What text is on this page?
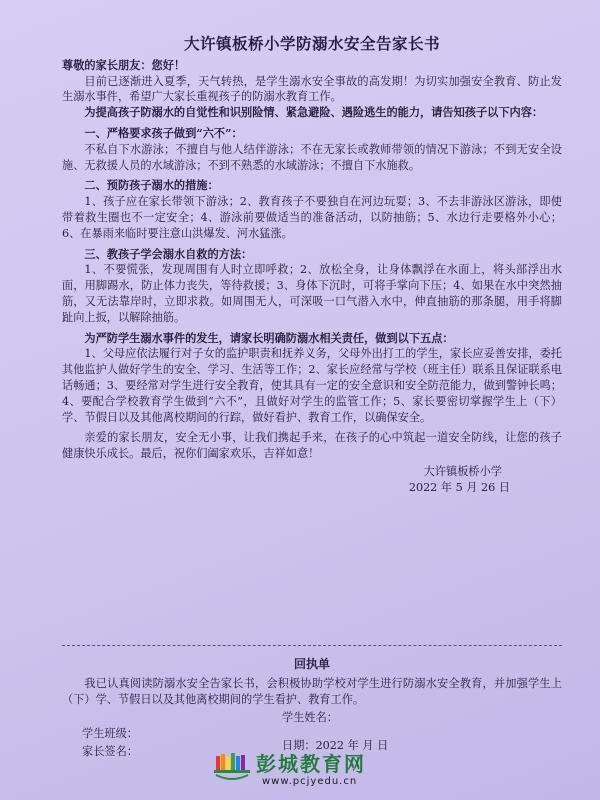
大许镇板桥小学防溺水安全告家长书

尊敬的家长朋友：您好！

目前已逐渐进入夏季，天气转热，是学生溺水安全事故的高发期！为切实加强安全教育、防止发生溺水事件，希望广大家长重视孩子的防溺水教育工作。

为提高孩子防溺水的自觉性和识别险情、紧急避险、遇险逃生的能力，请告知孩子以下内容：

一、严格要求孩子做到“六不”：

不私自下水游泳；不擅自与他人结伴游泳；不在无家长或教师带领的情况下游泳；不到无安全设施、无救援人员的水域游泳；不到不熟悉的水域游泳；不擅自下水施救。

二、预防孩子溺水的措施：

1、孩子应在家长带领下游泳；2、教育孩子不要独自在河边玩耍；3、不去非游泳区游泳，即使带着救生圈也不一定安全；4、游泳前要做适当的准备活动，以防抽筋；5、水边行走要格外小心；6、在暴雨来临时要注意山洪爆发、河水猛涨。

三、教孩子学会溺水自救的方法：

1、不要慌张，发现周围有人时立即呼救；2、放松全身，让身体飘浮在水面上，将头部浮出水面，用脚踢水，防止体力丧失，等待救援；3、身体下沉时，可将手掌向下压；4、如果在水中突然抽筋，又无法靠岸时，立即求救。如周围无人，可深吸一口气潜入水中，伸直抽筋的那条腿，用手将脚趾向上扳，以解除抽筋。

为严防学生溺水事件的发生，请家长明确防溺水相关责任，做到以下五点：

1、父母应依法履行对子女的监护职责和抚养义务，父母外出打工的学生，家长应妥善安排，委托其他监护人做好学生的安全、学习、生活等工作；2、家长应经常与学校（班主任）联系且保证联系电话畅通；3、要经常对学生进行安全教育，使其具有一定的安全意识和安全防范能力，做到警钟长鸣；4、要配合学校教育学生做到“六不”，且做好对学生的监管工作；5、家长要密切掌握学生上（下）学、节假日以及其他离校期间的行踪，做好看护、教育工作，以确保安全。

亲爱的家长朋友，安全无小事，让我们携起手来，在孩子的心中筑起一道安全防线，让您的孩子健康快乐成长。最后，祝你们阖家欢乐，吉祥如意！

大许镇板桥小学
2022 年 5 月 26 日
回执单

我已认真阅读防溺水安全告家长书，会积极协助学校对学生进行防溺水安全教育，并加强学生上（下）学、节假日以及其他离校期间的学生看护、教育工作。

学生姓名：
学生班级：
家长签名：	日期：2022 年 月 日
彭城教育网
www.pcjyedu.cn
